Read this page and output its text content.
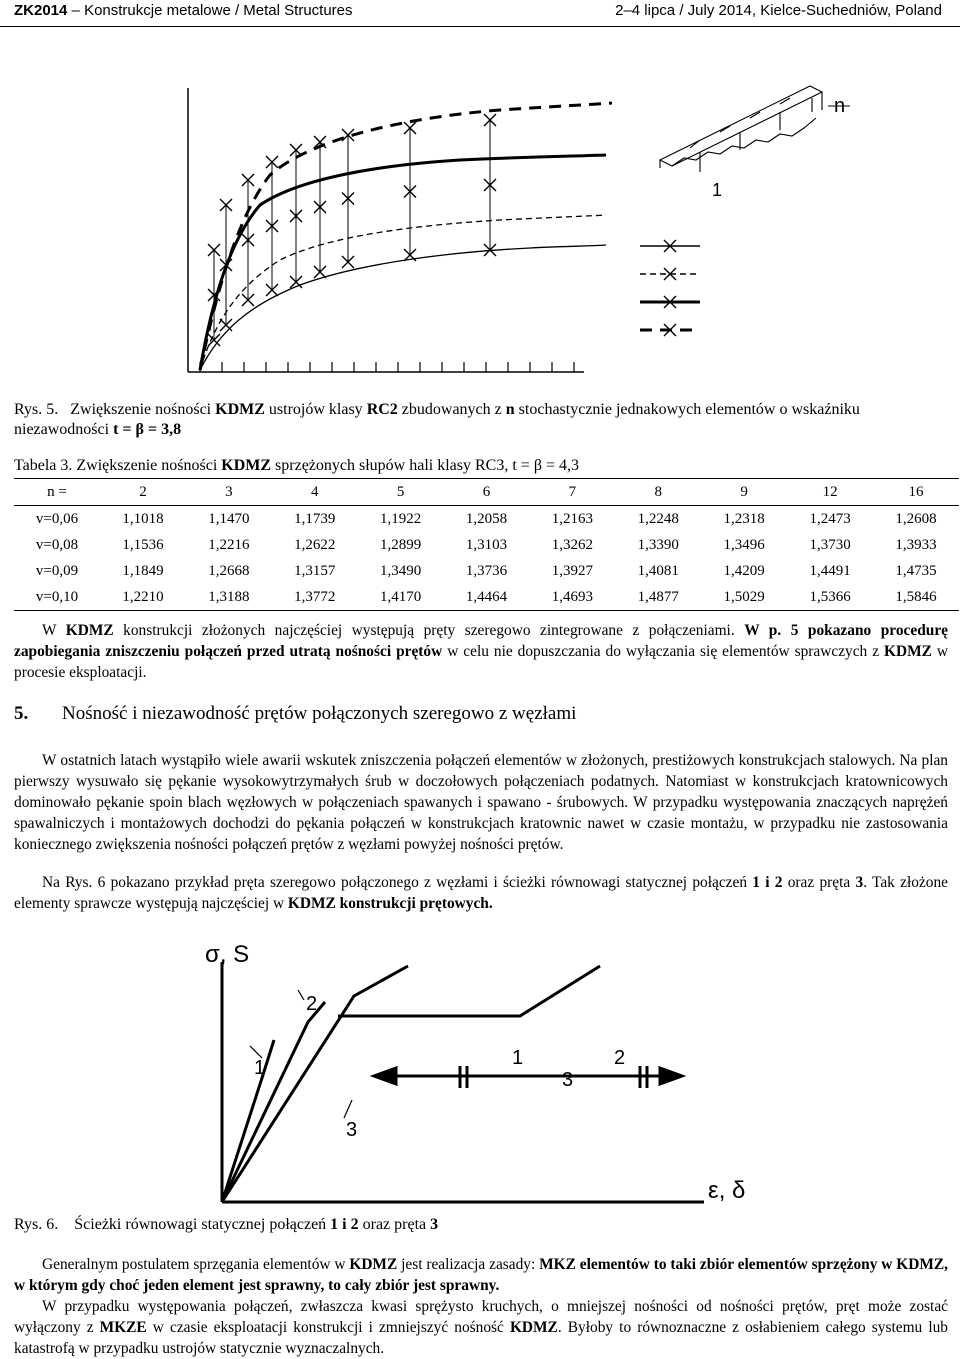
ZK2014 – Konstrukcje metalowe / Metal Structures	2–4 lipca / July 2014, Kielce-Suchedniów, Poland
n
1
Rys. 5. Zwiększenie nośności KDMZ ustrojów klasy RC2 zbudowanych z n stochastycznie jednakowych elementów o wskaźniku
niezawodności t = β = 3,8
Tabela 3. Zwiększenie nośności KDMZ sprzężonych słupów hali klasy RC3, t = β = 4,3
n =	2	3	4	5	6	7	8	9	12	16
v=0,06	1,1018	1,1470	1,1739	1,1922	1,2058	1,2163	1,2248	1,2318	1,2473	1,2608
v=0,08	1,1536	1,2216	1,2622	1,2899	1,3103	1,3262	1,3390	1,3496	1,3730	1,3933
v=0,09	1,1849	1,2668	1,3157	1,3490	1,3736	1,3927	1,4081	1,4209	1,4491	1,4735
v=0,10	1,2210	1,3188	1,3772	1,4170	1,4464	1,4693	1,4877	1,5029	1,5366	1,5846
W KDMZ konstrukcji złożonych najczęściej występują pręty szeregowo zintegrowane z połączeniami. W p. 5 pokazano procedurę zapobiegania zniszczeniu połączeń przed utratą nośności prętów w celu nie dopuszczania do wyłączania się elementów sprawczych z KDMZ w procesie eksploatacji.
5. Nośność i niezawodność prętów połączonych szeregowo z węzłami
W ostatnich latach wystąpiło wiele awarii wskutek zniszczenia połączeń elementów w złożonych, prestiżowych konstrukcjach stalowych. Na plan pierwszy wysuwało się pękanie wysokowytrzymałych śrub w doczołowych połączeniach podatnych. Natomiast w konstrukcjach kratownicowych dominowało pękanie spoin blach węzłowych w połączeniach spawanych i spawano - śrubowych. W przypadku występowania znaczących naprężeń spawalniczych i montażowych dochodzi do pękania połączeń w konstrukcjach kratownic nawet w czasie montażu, w przypadku nie zastosowania koniecznego zwiększenia nośności połączeń prętów z węzłami powyżej nośności prętów.
Na Rys. 6 pokazano przykład pręta szeregowo połączonego z węzłami i ścieżki równowagi statycznej połączeń 1 i 2 oraz pręta 3. Tak złożone elementy sprawcze występują najczęściej w KDMZ konstrukcji prętowych.
σ, S
ε, δ
1
2
3
1
3
2
Rys. 6. Ścieżki równowagi statycznej połączeń 1 i 2 oraz pręta 3
Generalnym postulatem sprzęgania elementów w KDMZ jest realizacja zasady: MKZ elementów to taki zbiór elementów sprzężony w KDMZ, w którym gdy choć jeden element jest sprawny, to cały zbiór jest sprawny.
W przypadku występowania połączeń, zwłaszcza kwasi sprężysto kruchych, o mniejszej nośności od nośności prętów, pręt może zostać wyłączony z MKZE w czasie eksploatacji konstrukcji i zmniejszyć nośność KDMZ. Byłoby to równoznaczne z osłabieniem całego systemu lub katastrofą w przypadku ustrojów statycznie wyznaczalnych.
